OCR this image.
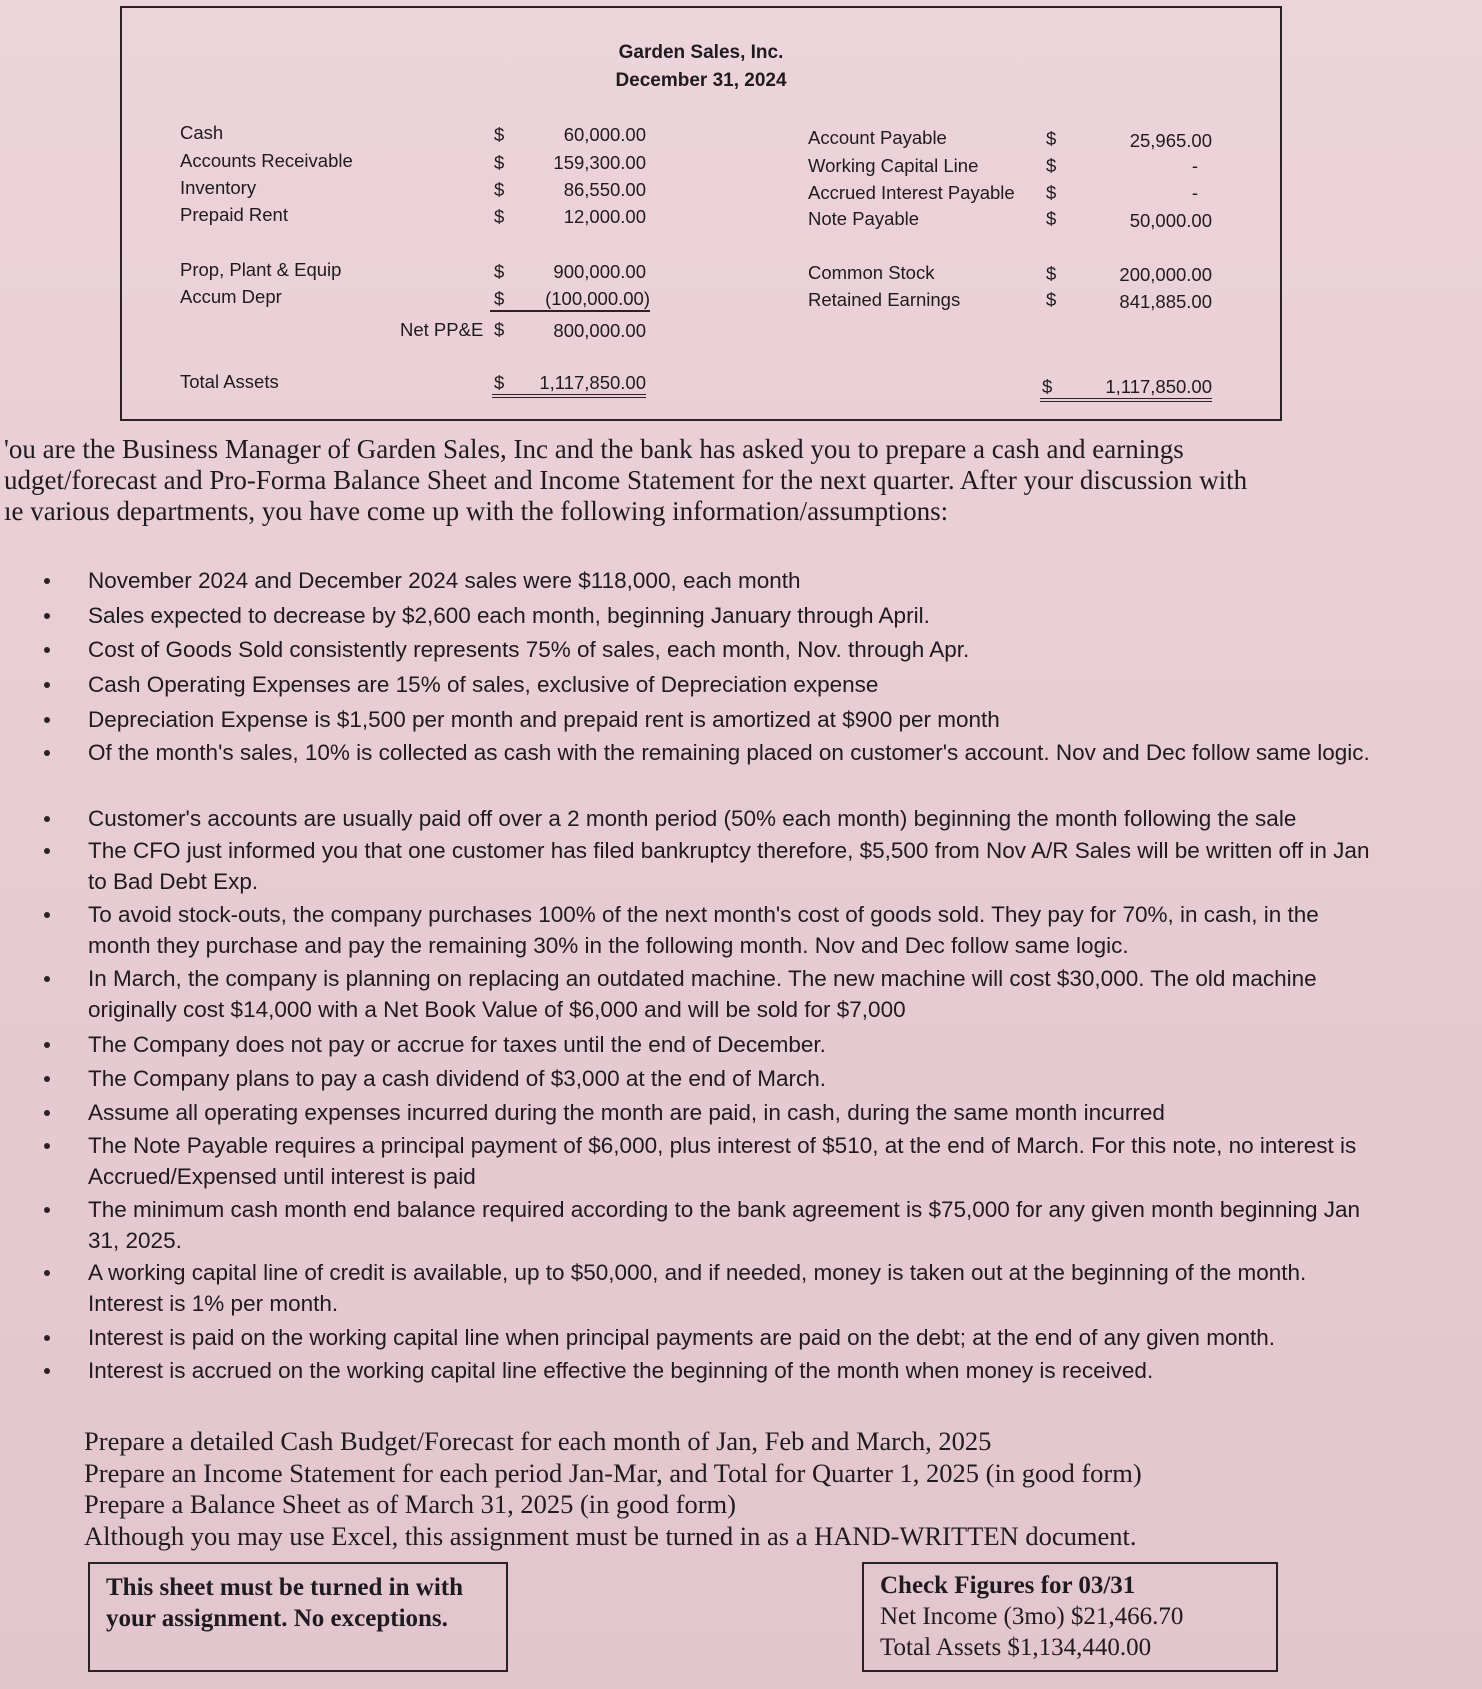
Garden Sales, Inc.
December 31, 2024
Cash	$	60,000.00
Accounts Receivable	$	159,300.00
Inventory	$	86,550.00
Prepaid Rent	$	12,000.00
Prop, Plant & Equip	$	900,000.00
Accum Depr	$	(100,000.00)
Net PP&E $	800,000.00
Total Assets	$	1,117,850.00
Account Payable	$	25,965.00
Working Capital Line	$	-
Accrued Interest Payable $	-
Note Payable	$	50,000.00
Common Stock	$	200,000.00
Retained Earnings	$	841,885.00
$	1,117,850.00

'ou are the Business Manager of Garden Sales, Inc and the bank has asked you to prepare a cash and earnings

udget/forecast and Pro-Forma Balance Sheet and Income Statement for the next quarter. After your discussion with

ıe various departments, you have come up with the following information/assumptions:

November 2024 and December 2024 sales were $118,000, each month
Sales expected to decrease by $2,600 each month, beginning January through April.
Cost of Goods Sold consistently represents 75% of sales, each month, Nov. through Apr.
Cash Operating Expenses are 15% of sales, exclusive of Depreciation expense
Depreciation Expense is $1,500 per month and prepaid rent is amortized at $900 per month
Of the month's sales, 10% is collected as cash with the remaining placed on customer's account. Nov and Dec follow same logic.
Customer's accounts are usually paid off over a 2 month period (50% each month) beginning the month following the sale
The CFO just informed you that one customer has filed bankruptcy therefore, $5,500 from Nov A/R Sales will be written off in Jan to Bad Debt Exp.
To avoid stock-outs, the company purchases 100% of the next month's cost of goods sold. They pay for 70%, in cash, in the month they purchase and pay the remaining 30% in the following month. Nov and Dec follow same logic.
In March, the company is planning on replacing an outdated machine. The new machine will cost $30,000. The old machine originally cost $14,000 with a Net Book Value of $6,000 and will be sold for $7,000
The Company does not pay or accrue for taxes until the end of December.
The Company plans to pay a cash dividend of $3,000 at the end of March.
Assume all operating expenses incurred during the month are paid, in cash, during the same month incurred
The Note Payable requires a principal payment of $6,000, plus interest of $510, at the end of March. For this note, no interest is Accrued/Expensed until interest is paid
The minimum cash month end balance required according to the bank agreement is $75,000 for any given month beginning Jan 31, 2025.
A working capital line of credit is available, up to $50,000, and if needed, money is taken out at the beginning of the month. Interest is 1% per month.
Interest is paid on the working capital line when principal payments are paid on the debt; at the end of any given month.
Interest is accrued on the working capital line effective the beginning of the month when money is received.
Prepare a detailed Cash Budget/Forecast for each month of Jan, Feb and March, 2025
Prepare an Income Statement for each period Jan-Mar, and Total for Quarter 1, 2025 (in good form)
Prepare a Balance Sheet as of March 31, 2025 (in good form)
Although you may use Excel, this assignment must be turned in as a HAND-WRITTEN document.
This sheet must be turned in with your assignment. No exceptions.
Check Figures for 03/31
Net Income (3mo) $21,466.70
Total Assets $1,134,440.00
